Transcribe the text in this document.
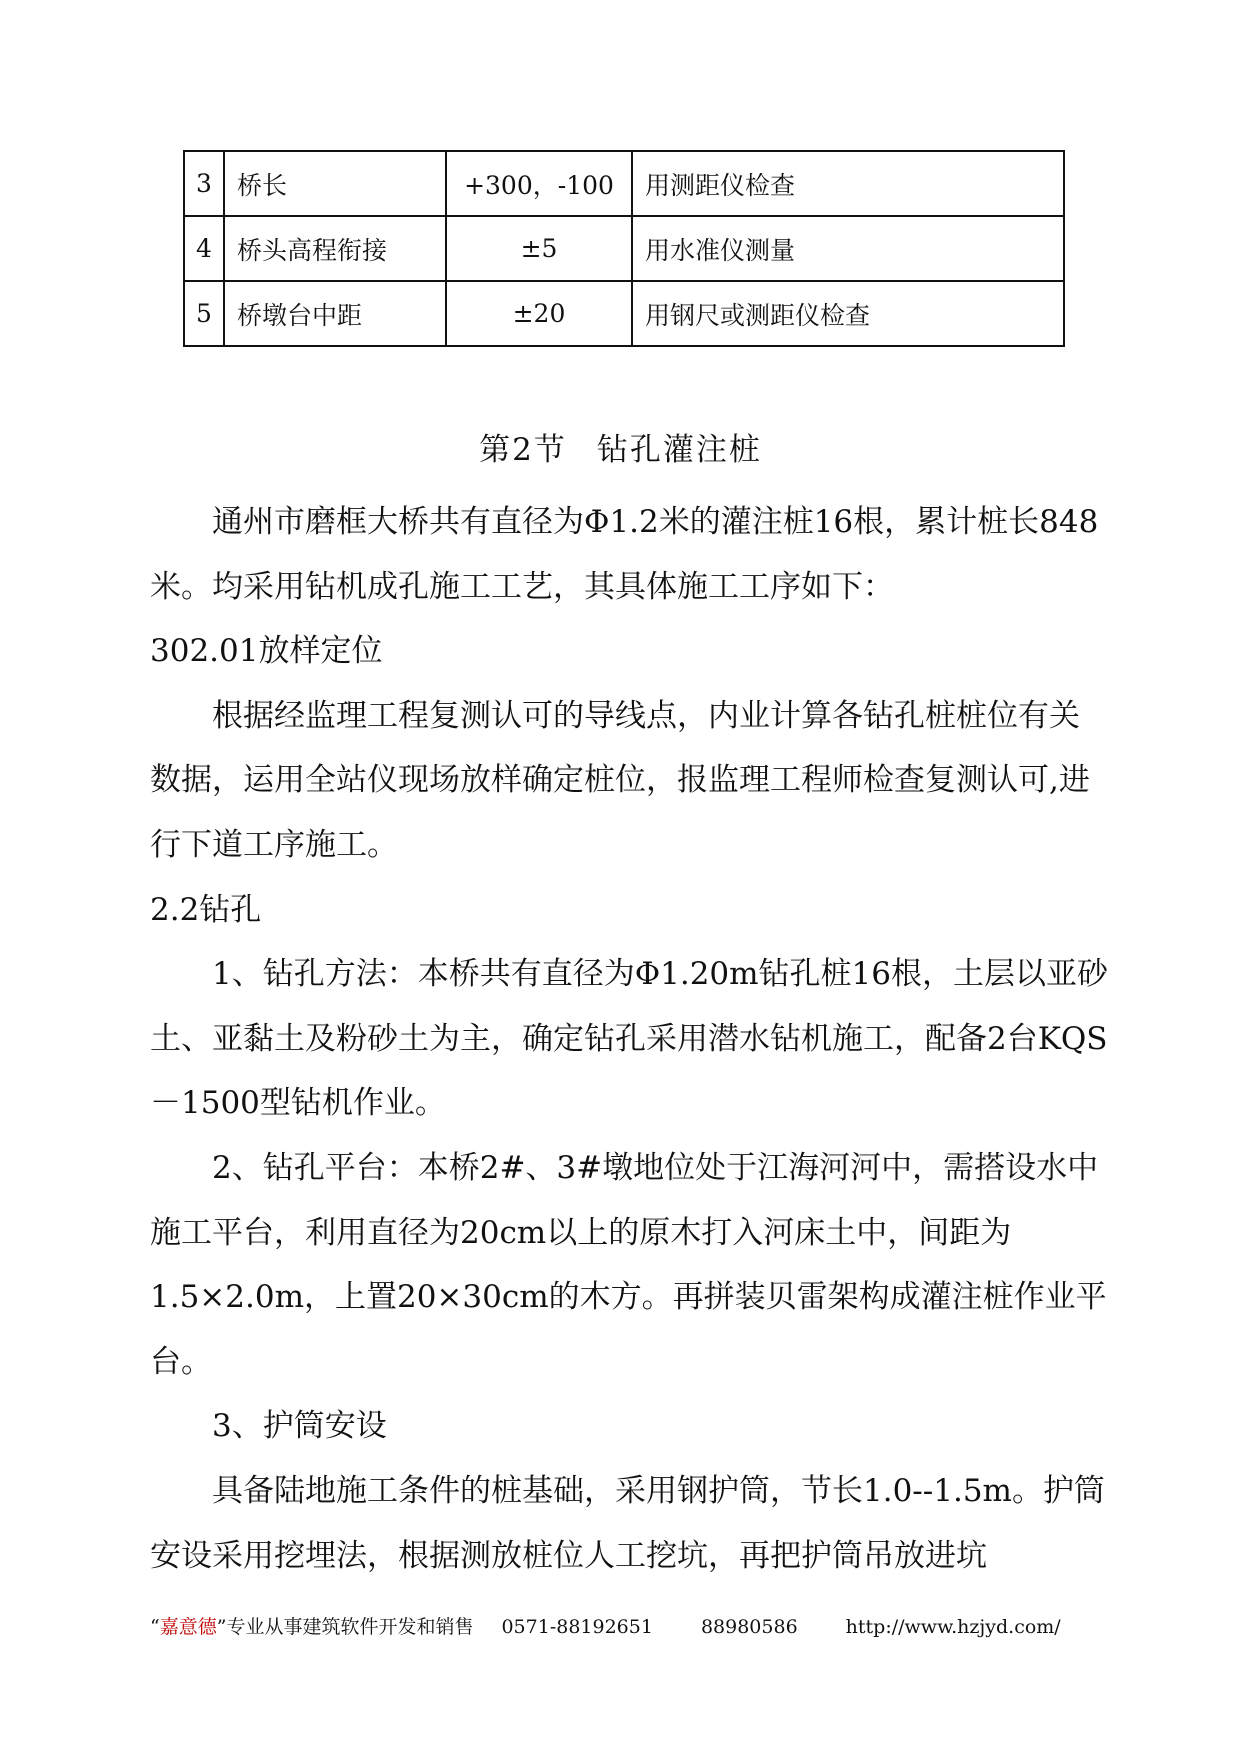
3	桥长	+300，-100	用测距仪检查
4	桥头高程衔接	±5	用水准仪测量
5	桥墩台中距	±20	用钢尺或测距仪检查
第2节 钻孔灌注桩

通州市磨框大桥共有直径为Φ1.2米的灌注桩16根，累计桩长848米。均采用钻机成孔施工工艺，其具体施工工序如下：

302.01放样定位

根据经监理工程复测认可的导线点，内业计算各钻孔桩桩位有关数据，运用全站仪现场放样确定桩位，报监理工程师检查复测认可,进行下道工序施工。

2.2钻孔

1、钻孔方法：本桥共有直径为Φ1.20m钻孔桩16根，土层以亚砂土、亚黏土及粉砂土为主，确定钻孔采用潜水钻机施工，配备2台KQS－1500型钻机作业。

2、钻孔平台：本桥2#、3#墩地位处于江海河河中，需搭设水中施工平台，利用直径为20cm以上的原木打入河床土中，间距为1.5×2.0m，上置20×30cm的木方。再拼装贝雷架构成灌注桩作业平台。

3、护筒安设

具备陆地施工条件的桩基础，采用钢护筒，节长1.0--1.5m。护筒安设采用挖埋法，根据测放桩位人工挖坑，再把护筒吊放进坑

“嘉意德”专业从事建筑软件开发和销售 0571-88192651	88980586	http://www.hzjyd.com/
